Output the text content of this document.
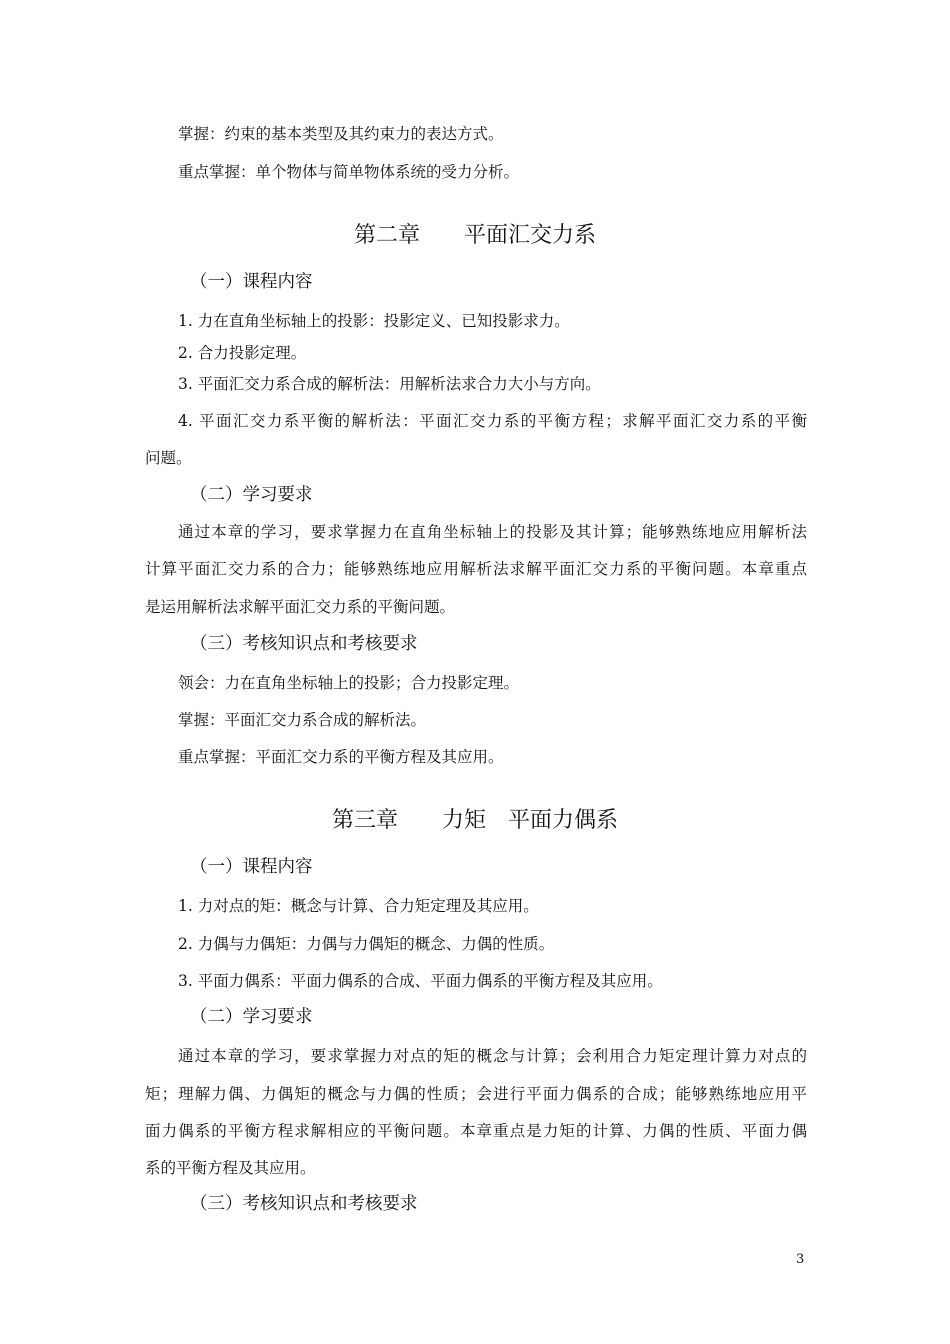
掌握：约束的基本类型及其约束力的表达方式。
重点掌握：单个物体与简单物体系统的受力分析。
第二章　　平面汇交力系
（一）课程内容
1. 力在直角坐标轴上的投影：投影定义、已知投影求力。
2. 合力投影定理。
3. 平面汇交力系合成的解析法：用解析法求合力大小与方向。
4. 平面汇交力系平衡的解析法：平面汇交力系的平衡方程；求解平面汇交力系的平衡
问题。
（二）学习要求
通过本章的学习，要求掌握力在直角坐标轴上的投影及其计算；能够熟练地应用解析法
计算平面汇交力系的合力；能够熟练地应用解析法求解平面汇交力系的平衡问题。本章重点
是运用解析法求解平面汇交力系的平衡问题。
（三）考核知识点和考核要求
领会：力在直角坐标轴上的投影；合力投影定理。
掌握：平面汇交力系合成的解析法。
重点掌握：平面汇交力系的平衡方程及其应用。
第三章　　力矩　平面力偶系
（一）课程内容
1. 力对点的矩：概念与计算、合力矩定理及其应用。
2. 力偶与力偶矩：力偶与力偶矩的概念、力偶的性质。
3. 平面力偶系：平面力偶系的合成、平面力偶系的平衡方程及其应用。
（二）学习要求
通过本章的学习，要求掌握力对点的矩的概念与计算；会利用合力矩定理计算力对点的
矩；理解力偶、力偶矩的概念与力偶的性质；会进行平面力偶系的合成；能够熟练地应用平
面力偶系的平衡方程求解相应的平衡问题。本章重点是力矩的计算、力偶的性质、平面力偶
系的平衡方程及其应用。
（三）考核知识点和考核要求
3
